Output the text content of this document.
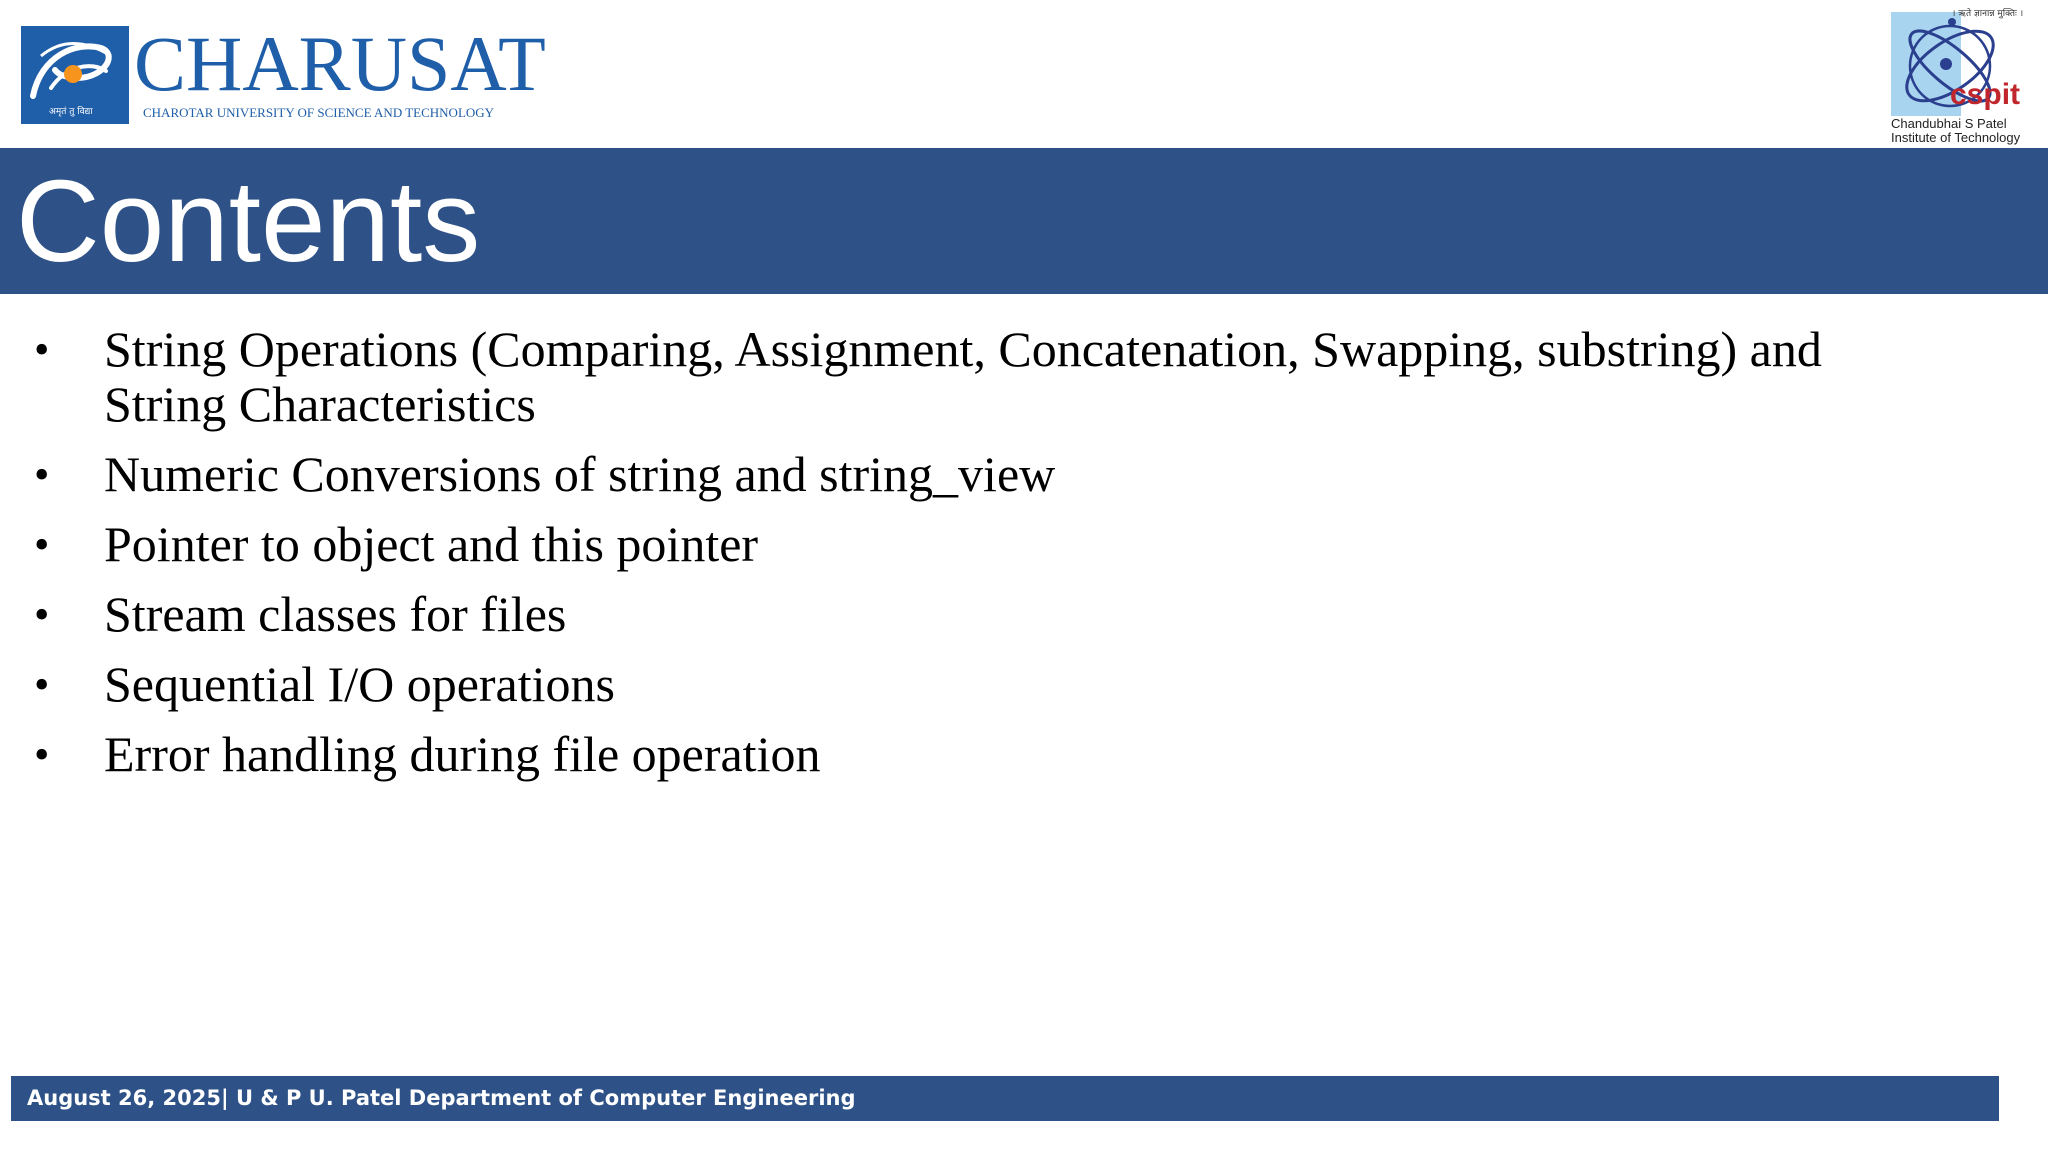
अमृतं तु विद्या
CHARUSAT
CHAROTAR UNIVERSITY OF SCIENCE AND TECHNOLOGY
cspit
। ऋते ज्ञानान्न मुक्तिः ।
Chandubhai S Patel
Institute of Technology
Contents
• String Operations (Comparing, Assignment, Concatenation, Swapping, substring) and String Characteristics
• Numeric Conversions of string and string_view
• Pointer to object and this pointer
• Stream classes for files
• Sequential I/O operations
• Error handling during file operation
August 26, 2025| U & P U. Patel Department of Computer Engineering
